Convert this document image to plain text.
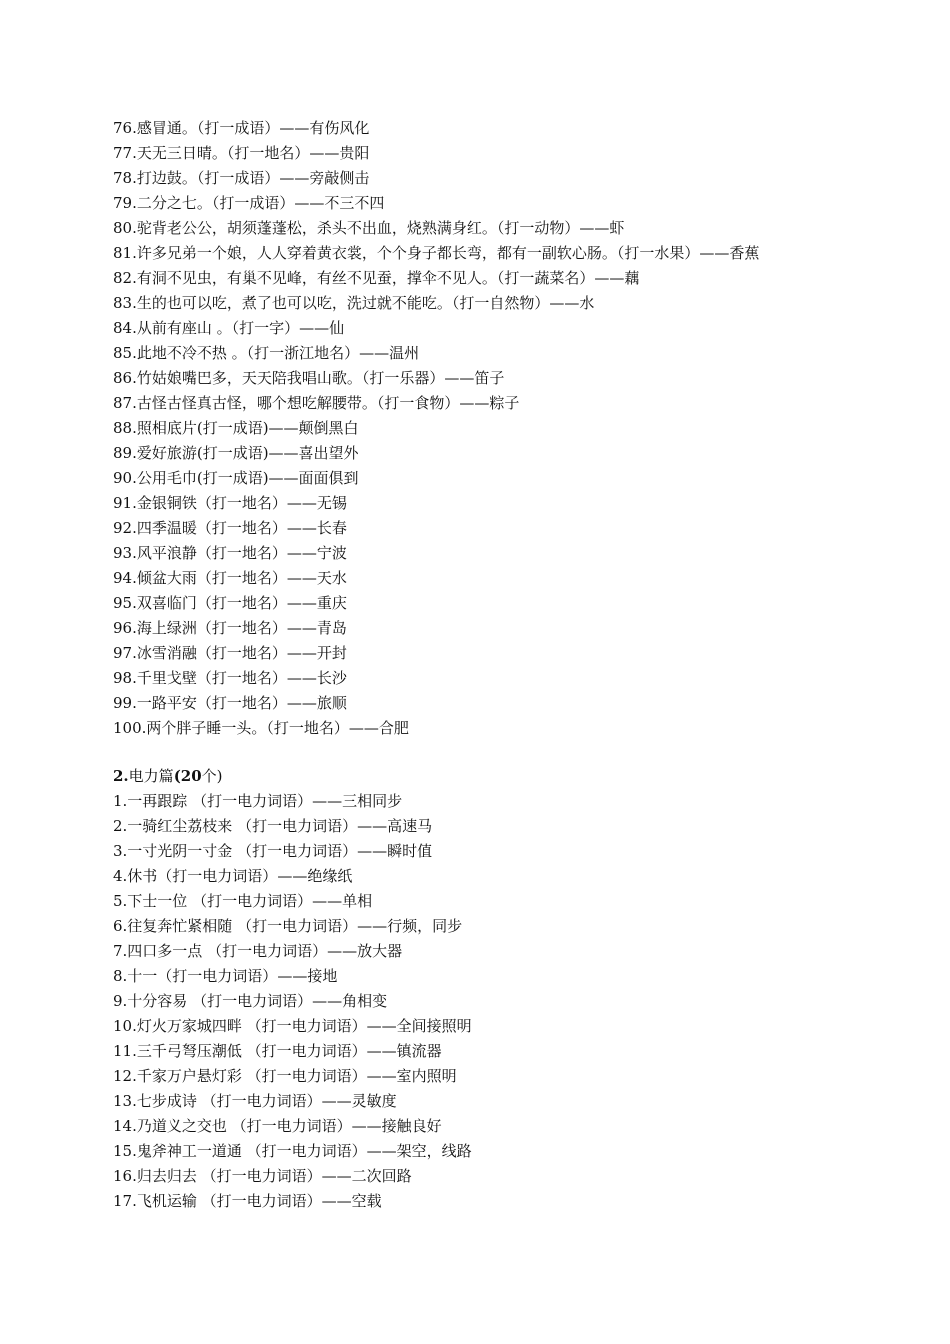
76.感冒通。（打一成语）——有伤风化
77.天无三日晴。（打一地名）——贵阳
78.打边鼓。（打一成语）——旁敲侧击
79.二分之七。（打一成语）——不三不四
80.驼背老公公，胡须蓬蓬松，杀头不出血，烧熟满身红。（打一动物）——虾
81.许多兄弟一个娘，人人穿着黄衣裳，个个身子都长弯，都有一副软心肠。（打一水果）——香蕉
82.有洞不见虫，有巢不见峰，有丝不见蚕，撑伞不见人。（打一蔬菜名）——藕
83.生的也可以吃，煮了也可以吃，洗过就不能吃。（打一自然物）——水
84.从前有座山 。（打一字）——仙
85.此地不冷不热 。（打一浙江地名）——温州
86.竹姑娘嘴巴多，天天陪我唱山歌。（打一乐器）——笛子
87.古怪古怪真古怪，哪个想吃解腰带。（打一食物）——粽子
88.照相底片(打一成语)——颠倒黑白
89.爱好旅游(打一成语)——喜出望外
90.公用毛巾(打一成语)——面面俱到
91.金银铜铁（打一地名）——无锡
92.四季温暖（打一地名）——长春
93.风平浪静（打一地名）——宁波
94.倾盆大雨（打一地名）——天水
95.双喜临门（打一地名）——重庆
96.海上绿洲（打一地名）——青岛
97.冰雪消融（打一地名）——开封
98.千里戈壁（打一地名）——长沙
99.一路平安（打一地名）——旅顺
100.两个胖子睡一头。（打一地名）——合肥
2.电力篇(20个)
1.一再跟踪 （打一电力词语）——三相同步
2.一骑红尘荔枝来 （打一电力词语）——高速马
3.一寸光阴一寸金 （打一电力词语）——瞬时值
4.休书（打一电力词语）——绝缘纸
5.下士一位 （打一电力词语）——单相
6.往复奔忙紧相随 （打一电力词语）——行频，同步
7.四口多一点 （打一电力词语）——放大器
8.十一（打一电力词语）——接地
9.十分容易 （打一电力词语）——角相变
10.灯火万家城四畔 （打一电力词语）——全间接照明
11.三千弓弩压潮低 （打一电力词语）——镇流器
12.千家万户悬灯彩 （打一电力词语）——室内照明
13.七步成诗 （打一电力词语）——灵敏度
14.乃道义之交也 （打一电力词语）——接触良好
15.鬼斧神工一道通 （打一电力词语）——架空，线路
16.归去归去 （打一电力词语）——二次回路
17.飞机运输 （打一电力词语）——空载
